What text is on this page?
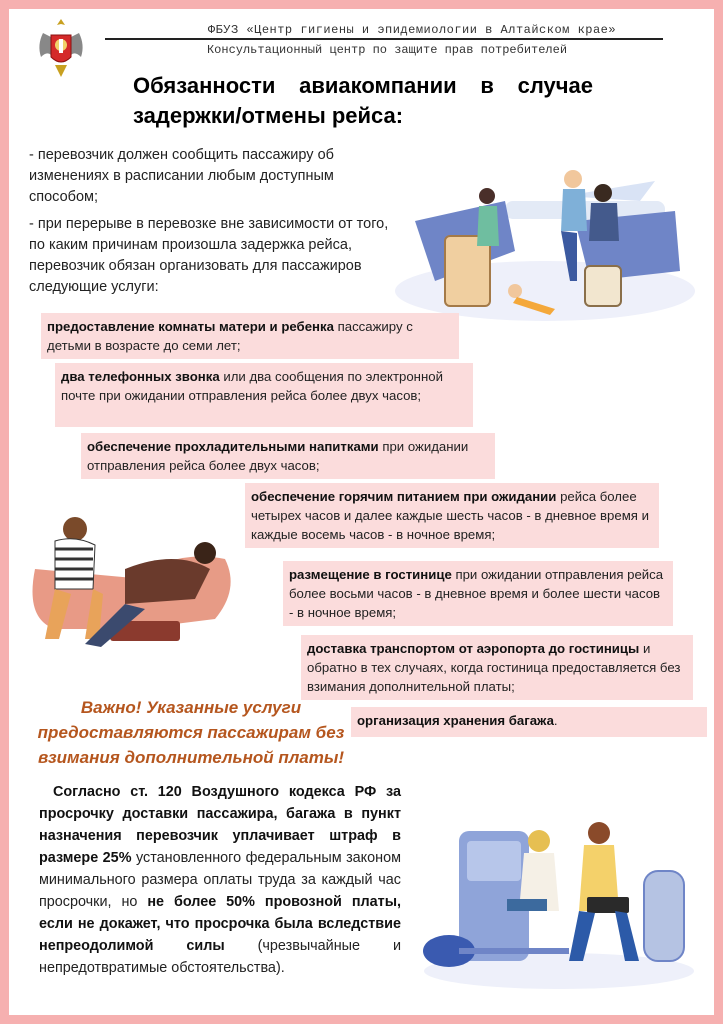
ФБУЗ «Центр гигиены и эпидемиологии в Алтайском крае»
Консультационный центр по защите прав потребителей
Обязанности авиакомпании в случае задержки/отмены рейса:

- перевозчик должен сообщить пассажиру об изменениях в расписании любым доступным способом;

- при перерыве в перевозке вне зависимости от того, по каким причинам произошла задержка рейса, перевозчик обязан организовать для пассажиров следующие услуги:

предоставление комнаты матери и ребенка пассажиру с детьми в возрасте до семи лет;
два телефонных звонка или два сообщения по электронной почте при ожидании отправления рейса более двух часов;
обеспечение прохладительными напитками при ожидании отправления рейса более двух часов;
обеспечение горячим питанием при ожидании рейса более четырех часов и далее каждые шесть часов - в дневное время и каждые восемь часов - в ночное время;
размещение в гостинице при ожидании отправления рейса более восьми часов - в дневное время и более шести часов - в ночное время;
доставка транспортом от аэропорта до гостиницы и обратно в тех случаях, когда гостиница предоставляется без взимания дополнительной платы;
организация хранения багажа.
Важно! Указанные услуги предоставляются пассажирам без взимания дополнительной платы!
Согласно ст. 120 Воздушного кодекса РФ за просрочку доставки пассажира, багажа в пункт назначения перевозчик уплачивает штраф в размере 25% установленного федеральным законом минимального размера оплаты труда за каждый час просрочки, но не более 50% провозной платы, если не докажет, что просрочка была вследствие непреодолимой силы (чрезвычайные и непредотвратимые обстоятельства).
